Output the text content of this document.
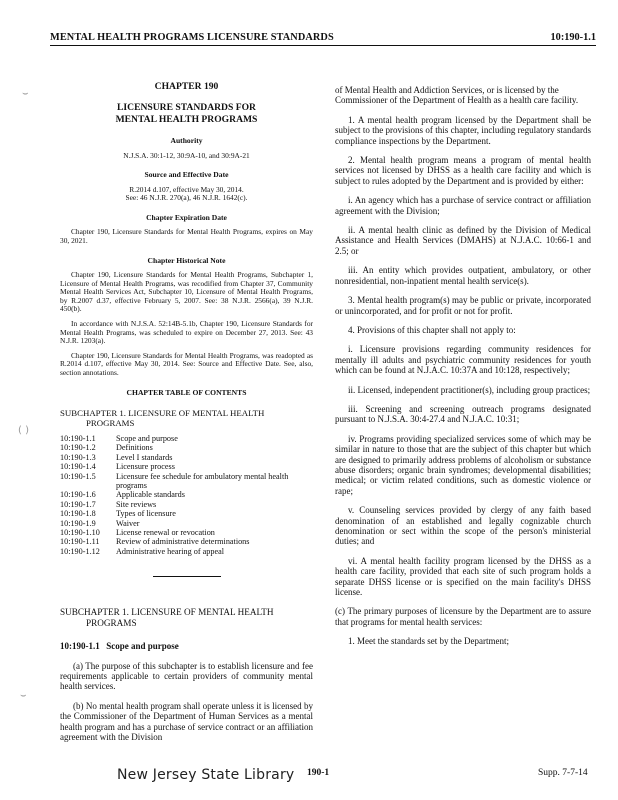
MENTAL HEALTH PROGRAMS LICENSURE STANDARDS	10:190-1.1
⌣
( )
⌣

CHAPTER 190

LICENSURE STANDARDS FOR
MENTAL HEALTH PROGRAMS

Authority

N.J.S.A. 30:1-12, 30:9A-10, and 30:9A-21

Source and Effective Date

R.2014 d.107, effective May 30, 2014.
See: 46 N.J.R. 270(a), 46 N.J.R. 1642(c).

Chapter Expiration Date

Chapter 190, Licensure Standards for Mental Health Programs, expires on May 30, 2021.

Chapter Historical Note

Chapter 190, Licensure Standards for Mental Health Programs, Subchapter 1, Licensure of Mental Health Programs, was recodified from Chapter 37, Community Mental Health Services Act, Subchapter 10, Licensure of Mental Health Programs, by R.2007 d.37, effective February 5, 2007. See: 38 N.J.R. 2566(a), 39 N.J.R. 450(b).

In accordance with N.J.S.A. 52:14B-5.1b, Chapter 190, Licensure Standards for Mental Health Programs, was scheduled to expire on December 27, 2013. See: 43 N.J.R. 1203(a).

Chapter 190, Licensure Standards for Mental Health Programs, was readopted as R.2014 d.107, effective May 30, 2014. See: Source and Effective Date. See, also, section annotations.

CHAPTER TABLE OF CONTENTS

SUBCHAPTER 1. LICENSURE OF MENTAL HEALTH
PROGRAMS
10:190-1.1	Scope and purpose
10:190-1.2	Definitions
10:190-1.3	Level I standards
10:190-1.4	Licensure process
10:190-1.5	Licensure fee schedule for ambulatory mental health programs
10:190-1.6	Applicable standards
10:190-1.7	Site reviews
10:190-1.8	Types of licensure
10:190-1.9	Waiver
10:190-1.10	License renewal or revocation
10:190-1.11	Review of administrative determinations
10:190-1.12	Administrative hearing of appeal
SUBCHAPTER 1. LICENSURE OF MENTAL HEALTH
PROGRAMS
10:190-1.1 Scope and purpose

(a) The purpose of this subchapter is to establish licensure and fee requirements applicable to certain providers of community mental health services.

(b) No mental health program shall operate unless it is licensed by the Commissioner of the Department of Human Services as a mental health program and has a purchase of service contract or an affiliation agreement with the Division

of Mental Health and Addiction Services, or is licensed by the Commissioner of the Department of Health as a health care facility.

1. A mental health program licensed by the Department shall be subject to the provisions of this chapter, including regulatory standards compliance inspections by the Department.

2. Mental health program means a program of mental health services not licensed by DHSS as a health care facility and which is subject to rules adopted by the Department and is provided by either:

i. An agency which has a purchase of service contract or affiliation agreement with the Division;

ii. A mental health clinic as defined by the Division of Medical Assistance and Health Services (DMAHS) at N.J.A.C. 10:66-1 and 2.5; or

iii. An entity which provides outpatient, ambulatory, or other nonresidential, non-inpatient mental health service(s).

3. Mental health program(s) may be public or private, incorporated or unincorporated, and for profit or not for profit.

4. Provisions of this chapter shall not apply to:

i. Licensure provisions regarding community residences for mentally ill adults and psychiatric community residences for youth which can be found at N.J.A.C. 10:37A and 10:128, respectively;

ii. Licensed, independent practitioner(s), including group practices;

iii. Screening and screening outreach programs designated pursuant to N.J.S.A. 30:4-27.4 and N.J.A.C. 10:31;

iv. Programs providing specialized services some of which may be similar in nature to those that are the subject of this chapter but which are designed to primarily address problems of alcoholism or substance abuse disorders; organic brain syndromes; developmental disabilities; medical; or victim related conditions, such as domestic violence or rape;

v. Counseling services provided by clergy of any faith based denomination of an established and legally cognizable church denomination or sect within the scope of the person's ministerial duties; and

vi. A mental health facility program licensed by the DHSS as a health care facility, provided that each site of such program holds a separate DHSS license or is specified on the main facility's DHSS license.

(c) The primary purposes of licensure by the Department are to assure that programs for mental health services:

1. Meet the standards set by the Department;

New Jersey State Library 190-1	Supp. 7-7-14
